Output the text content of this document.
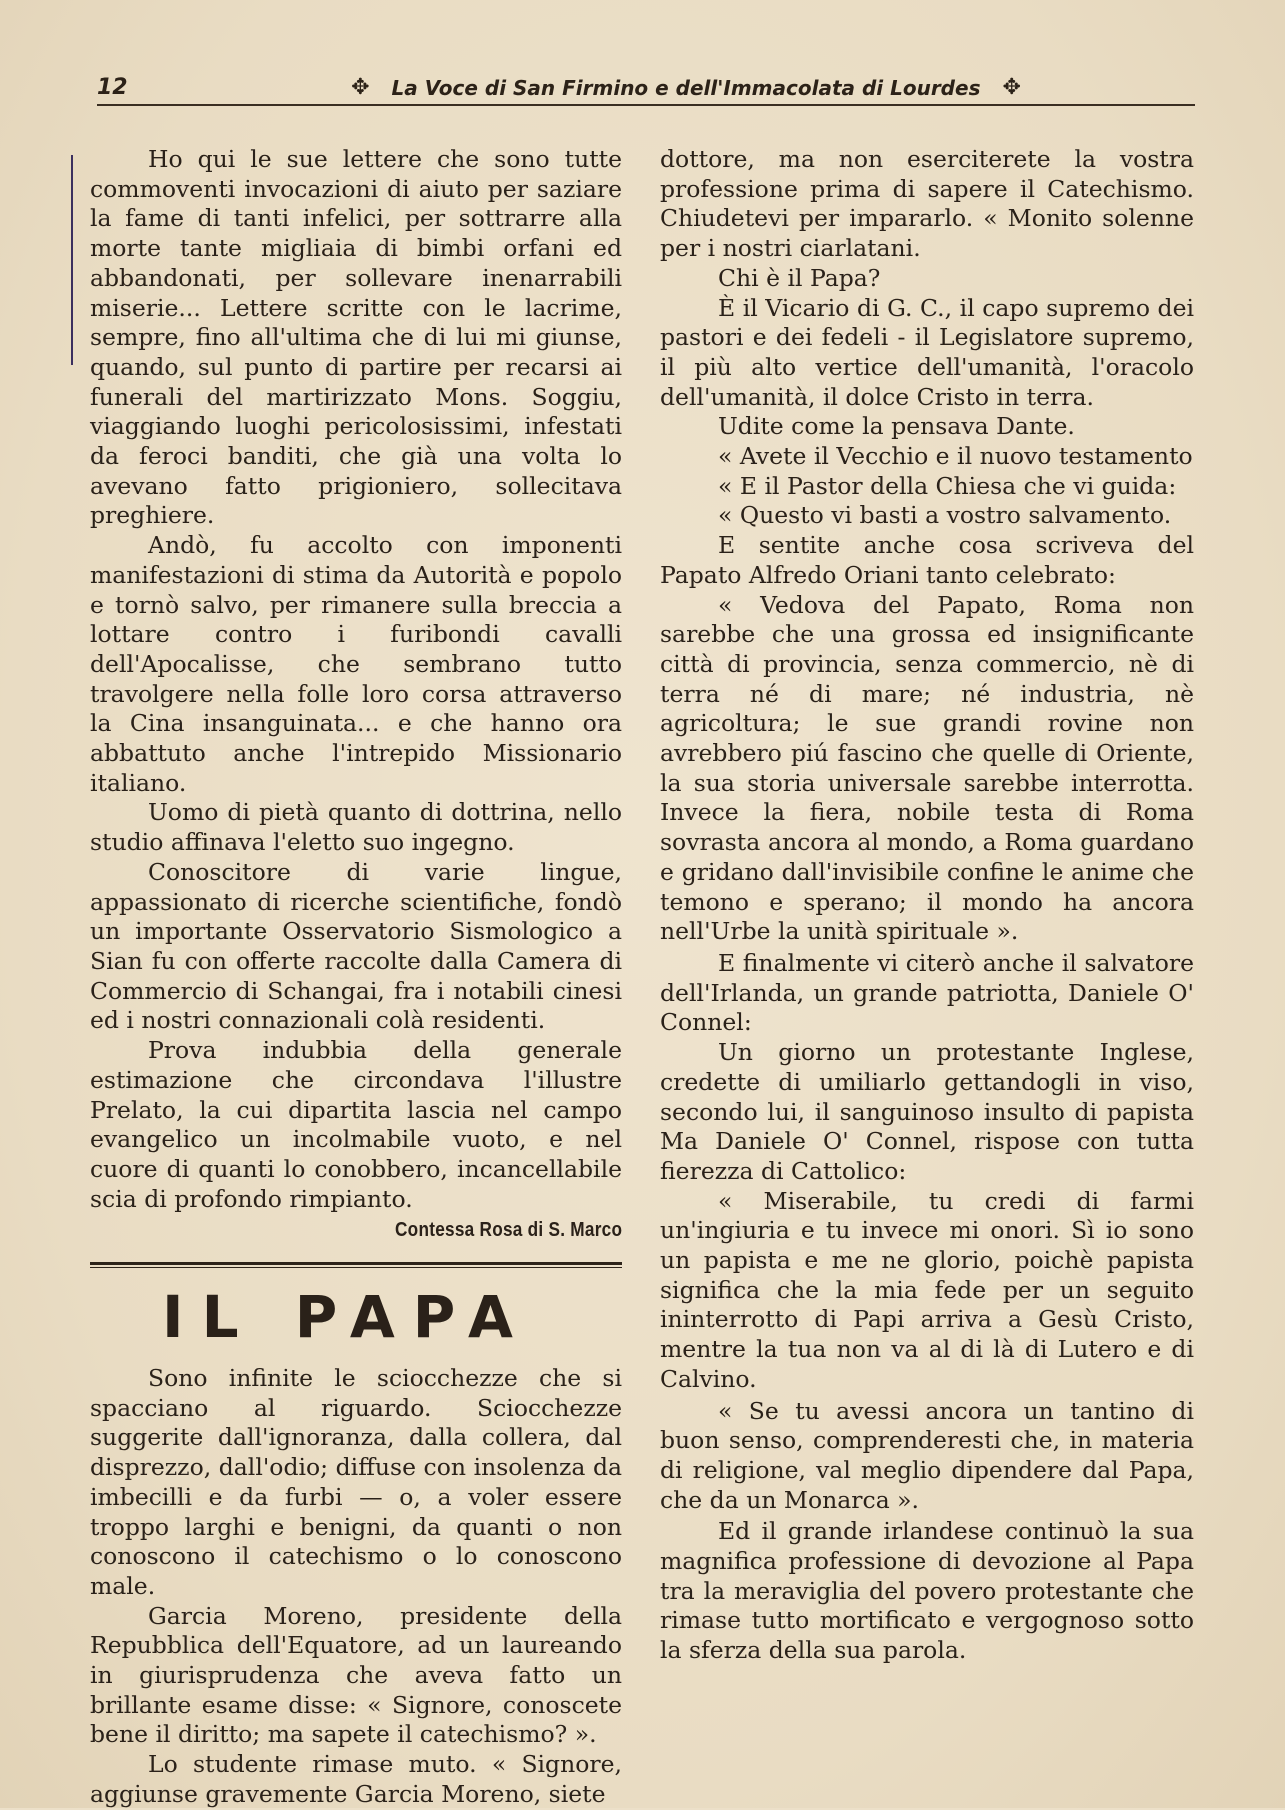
12	✥ La Voce di San Firmino e dell'Immacolata di Lourdes ✥

Ho qui le sue lettere che sono tutte commoventi invocazioni di aiuto per saziare la fame di tanti infelici, per sottrarre alla morte tante migliaia di bimbi orfani ed abbandonati, per sollevare inenarrabili miserie... Lettere scritte con le lacrime, sempre, fino all'ultima che di lui mi giunse, quando, sul punto di partire per recarsi ai funerali del martirizzato Mons. Soggiu, viaggiando luoghi pericolosissimi, infestati da feroci banditi, che già una volta lo avevano fatto prigioniero, sollecitava preghiere.

Andò, fu accolto con imponenti manifestazioni di stima da Autorità e popolo e tornò salvo, per rimanere sulla breccia a lottare contro i furibondi cavalli dell'Apocalisse, che sembrano tutto travolgere nella folle loro corsa attraverso la Cina insanguinata... e che hanno ora abbattuto anche l'intrepido Missionario italiano.

Uomo di pietà quanto di dottrina, nello studio affinava l'eletto suo ingegno.

Conoscitore di varie lingue, appassionato di ricerche scientifiche, fondò un importante Osservatorio Sismologico a Sian fu con offerte raccolte dalla Camera di Commercio di Schangai, fra i notabili cinesi ed i nostri connazionali colà residenti.

Prova indubbia della generale estimazione che circondava l'illustre Prelato, la cui dipartita lascia nel campo evangelico un incolmabile vuoto, e nel cuore di quanti lo conobbero, incancellabile scia di profondo rimpianto.

Contessa Rosa di S. Marco

IL PAPA

Sono infinite le sciocchezze che si spacciano al riguardo. Sciocchezze suggerite dall'ignoranza, dalla collera, dal disprezzo, dall'odio; diffuse con insolenza da imbecilli e da furbi — o, a voler essere troppo larghi e benigni, da quanti o non conoscono il catechismo o lo conoscono male.

Garcia Moreno, presidente della Repubblica dell'Equatore, ad un laureando in giurisprudenza che aveva fatto un brillante esame disse: « Signore, conoscete bene il diritto; ma sapete il catechismo? ».

Lo studente rimase muto. « Signore, aggiunse gravemente Garcia Moreno, siete

dottore, ma non eserciterete la vostra professione prima di sapere il Catechismo. Chiudetevi per impararlo. « Monito solenne per i nostri ciarlatani.

Chi è il Papa?

È il Vicario di G. C., il capo supremo dei pastori e dei fedeli - il Legislatore supremo, il più alto vertice dell'umanità, l'oracolo dell'umanità, il dolce Cristo in terra.

Udite come la pensava Dante.

« Avete il Vecchio e il nuovo testamento

« E il Pastor della Chiesa che vi guida:

« Questo vi basti a vostro salvamento.

E sentite anche cosa scriveva del Papato Alfredo Oriani tanto celebrato:

« Vedova del Papato, Roma non sarebbe che una grossa ed insignificante città di provincia, senza commercio, nè di terra né di mare; né industria, nè agricoltura; le sue grandi rovine non avrebbero piú fascino che quelle di Oriente, la sua storia universale sarebbe interrotta. Invece la fiera, nobile testa di Roma sovrasta ancora al mondo, a Roma guardano e gridano dall'invisibile confine le anime che temono e sperano; il mondo ha ancora nell'Urbe la unità spirituale ».

E finalmente vi citerò anche il salvatore dell'Irlanda, un grande patriotta, Daniele O' Connel:

Un giorno un protestante Inglese, credette di umiliarlo gettandogli in viso, secondo lui, il sanguinoso insulto di papista Ma Daniele O' Connel, rispose con tutta fierezza di Cattolico:

« Miserabile, tu credi di farmi un'ingiuria e tu invece mi onori. Sì io sono un papista e me ne glorio, poichè papista significa che la mia fede per un seguito ininterrotto di Papi arriva a Gesù Cristo, mentre la tua non va al di là di Lutero e di Calvino.

« Se tu avessi ancora un tantino di buon senso, comprenderesti che, in materia di religione, val meglio dipendere dal Papa, che da un Monarca ».

Ed il grande irlandese continuò la sua magnifica professione di devozione al Papa tra la meraviglia del povero protestante che rimase tutto mortificato e vergognoso sotto la sferza della sua parola.
